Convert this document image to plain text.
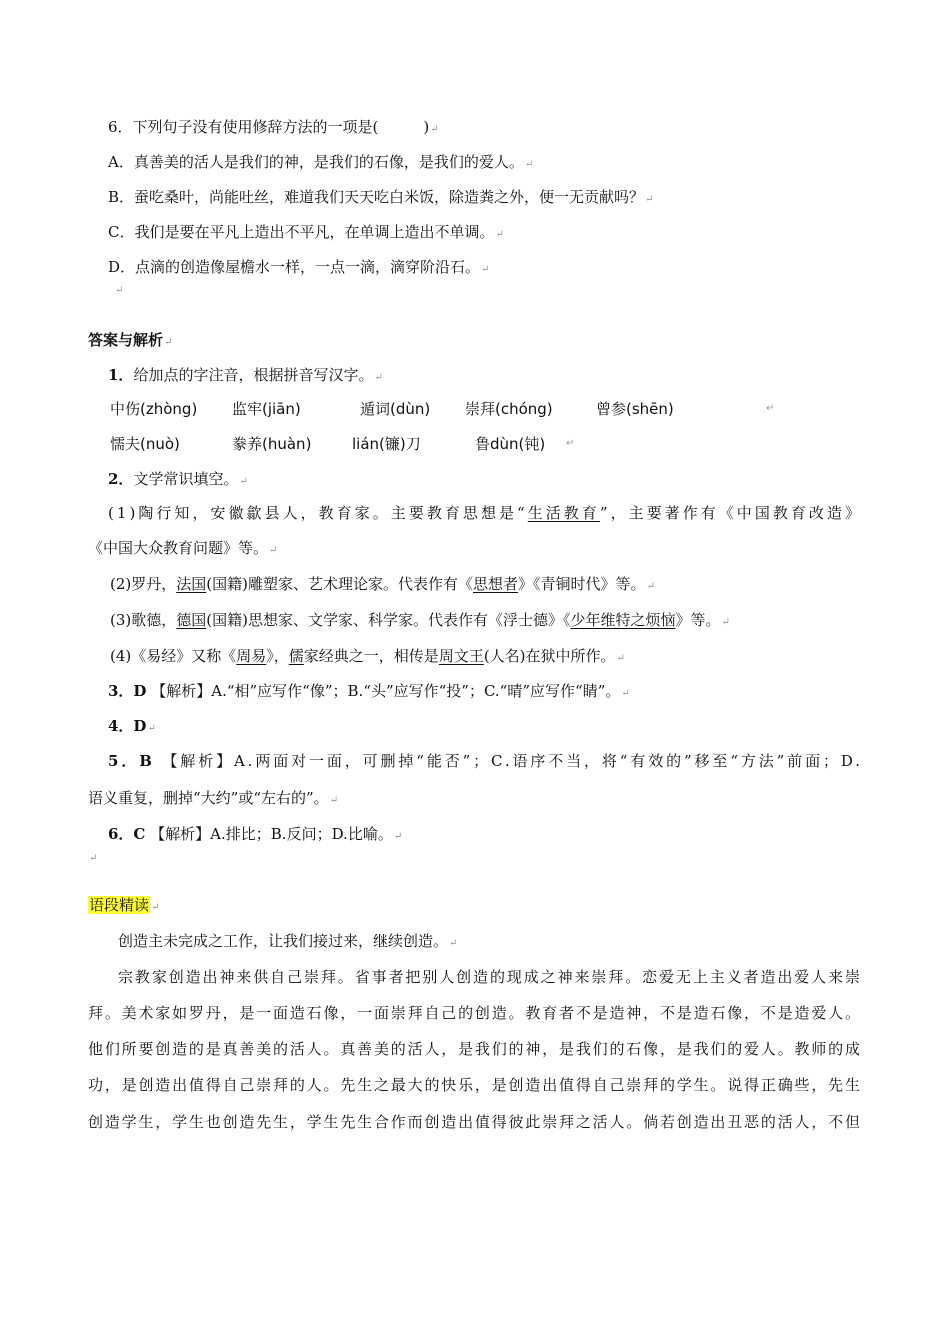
6．下列句子没有使用修辞方法的一项是(　　　)↵
A．真善美的活人是我们的神，是我们的石像，是我们的爱人。↵
B．蚕吃桑叶，尚能吐丝，难道我们天天吃白米饭，除造粪之外，便一无贡献吗？↵
C．我们是要在平凡上造出不平凡，在单调上造出不单调。↵
D．点滴的创造像屋檐水一样，一点一滴，滴穿阶沿石。↵
↵
答案与解析↵
1．给加点的字注音，根据拼音写汉字。↵
中伤(zhòng) 监牢(jiān)	遁词(dùn) 崇拜(chóng)	曾参(shēn)	↵
懦夫(nuò)	豢养(huàn)	lián(镰)刀	鲁dùn(钝) ↵
2．文学常识填空。↵
(1)陶行知，安徽歙县人，教育家。主要教育思想是“生活教育”，主要著作有《中国教育改造》
《中国大众教育问题》等。↵
(2)罗丹，法国(国籍)雕塑家、艺术理论家。代表作有《思想者》《青铜时代》等。↵
(3)歌德，德国(国籍)思想家、文学家、科学家。代表作有《浮士德》《少年维特之烦恼》等。↵
(4)《易经》又称《周易》，儒家经典之一，相传是周文王(人名)在狱中所作。↵
3．D 【解析】A.“相”应写作“像”；B.“头”应写作“投”；C.“晴”应写作“睛”。↵
4．D↵
5．B 【解析】A.两面对一面，可删掉“能否”；C.语序不当，将“有效的”移至“方法”前面；D.
语义重复，删掉“大约”或“左右的”。↵
6．C 【解析】A.排比；B.反问；D.比喻。↵
↵
语段精读 ↵
创造主未完成之工作，让我们接过来，继续创造。↵
宗教家创造出神来供自己崇拜。省事者把别人创造的现成之神来崇拜。恋爱无上主义者造出爱人来崇
拜。美术家如罗丹，是一面造石像，一面崇拜自己的创造。教育者不是造神，不是造石像，不是造爱人。
他们所要创造的是真善美的活人。真善美的活人，是我们的神，是我们的石像，是我们的爱人。教师的成
功，是创造出值得自己崇拜的人。先生之最大的快乐，是创造出值得自己崇拜的学生。说得正确些，先生
创造学生，学生也创造先生，学生先生合作而创造出值得彼此崇拜之活人。倘若创造出丑恶的活人，不但
